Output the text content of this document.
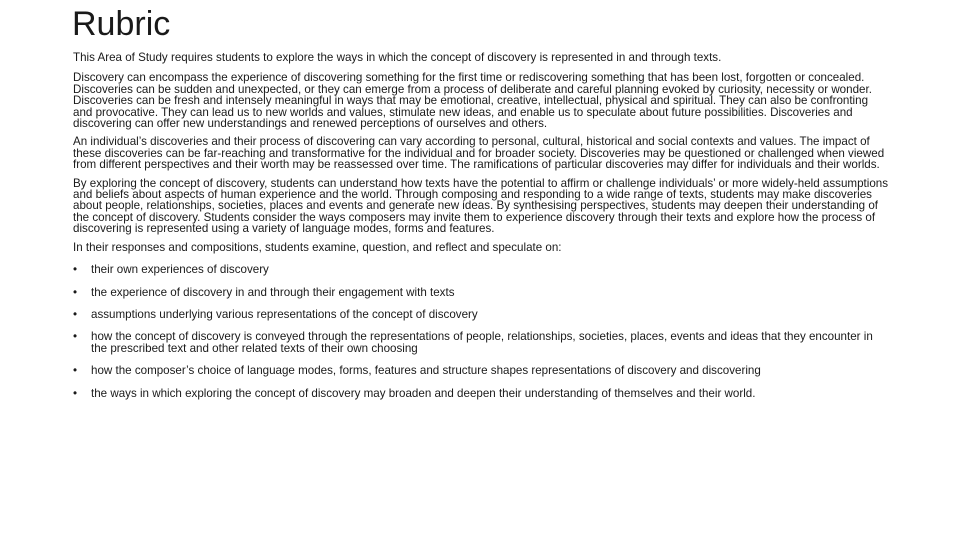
Rubric

This Area of Study requires students to explore the ways in which the concept of discovery is represented in and through texts.

Discovery can encompass the experience of discovering something for the first time or rediscovering something that has been lost, forgotten or concealed. Discoveries can be sudden and unexpected, or they can emerge from a process of deliberate and careful planning evoked by curiosity, necessity or wonder. Discoveries can be fresh and intensely meaningful in ways that may be emotional, creative, intellectual, physical and spiritual. They can also be confronting and provocative. They can lead us to new worlds and values, stimulate new ideas, and enable us to speculate about future possibilities. Discoveries and discovering can offer new understandings and renewed perceptions of ourselves and others.

An individual’s discoveries and their process of discovering can vary according to personal, cultural, historical and social contexts and values. The impact of these discoveries can be far-reaching and transformative for the individual and for broader society. Discoveries may be questioned or challenged when viewed from different perspectives and their worth may be reassessed over time. The ramifications of particular discoveries may differ for individuals and their worlds.

By exploring the concept of discovery, students can understand how texts have the potential to affirm or challenge individuals’ or more widely-held assumptions and beliefs about aspects of human experience and the world. Through composing and responding to a wide range of texts, students may make discoveries about people, relationships, societies, places and events and generate new ideas. By synthesising perspectives, students may deepen their understanding of the concept of discovery. Students consider the ways composers may invite them to experience discovery through their texts and explore how the process of discovering is represented using a variety of language modes, forms and features.

In their responses and compositions, students examine, question, and reflect and speculate on:

•	their own experiences of discovery
•	the experience of discovery in and through their engagement with texts
•	assumptions underlying various representations of the concept of discovery
•	how the concept of discovery is conveyed through the representations of people, relationships, societies, places, events and ideas that they encounter in the prescribed text and other related texts of their own choosing
•	how the composer’s choice of language modes, forms, features and structure shapes representations of discovery and discovering
•	the ways in which exploring the concept of discovery may broaden and deepen their understanding of themselves and their world.
